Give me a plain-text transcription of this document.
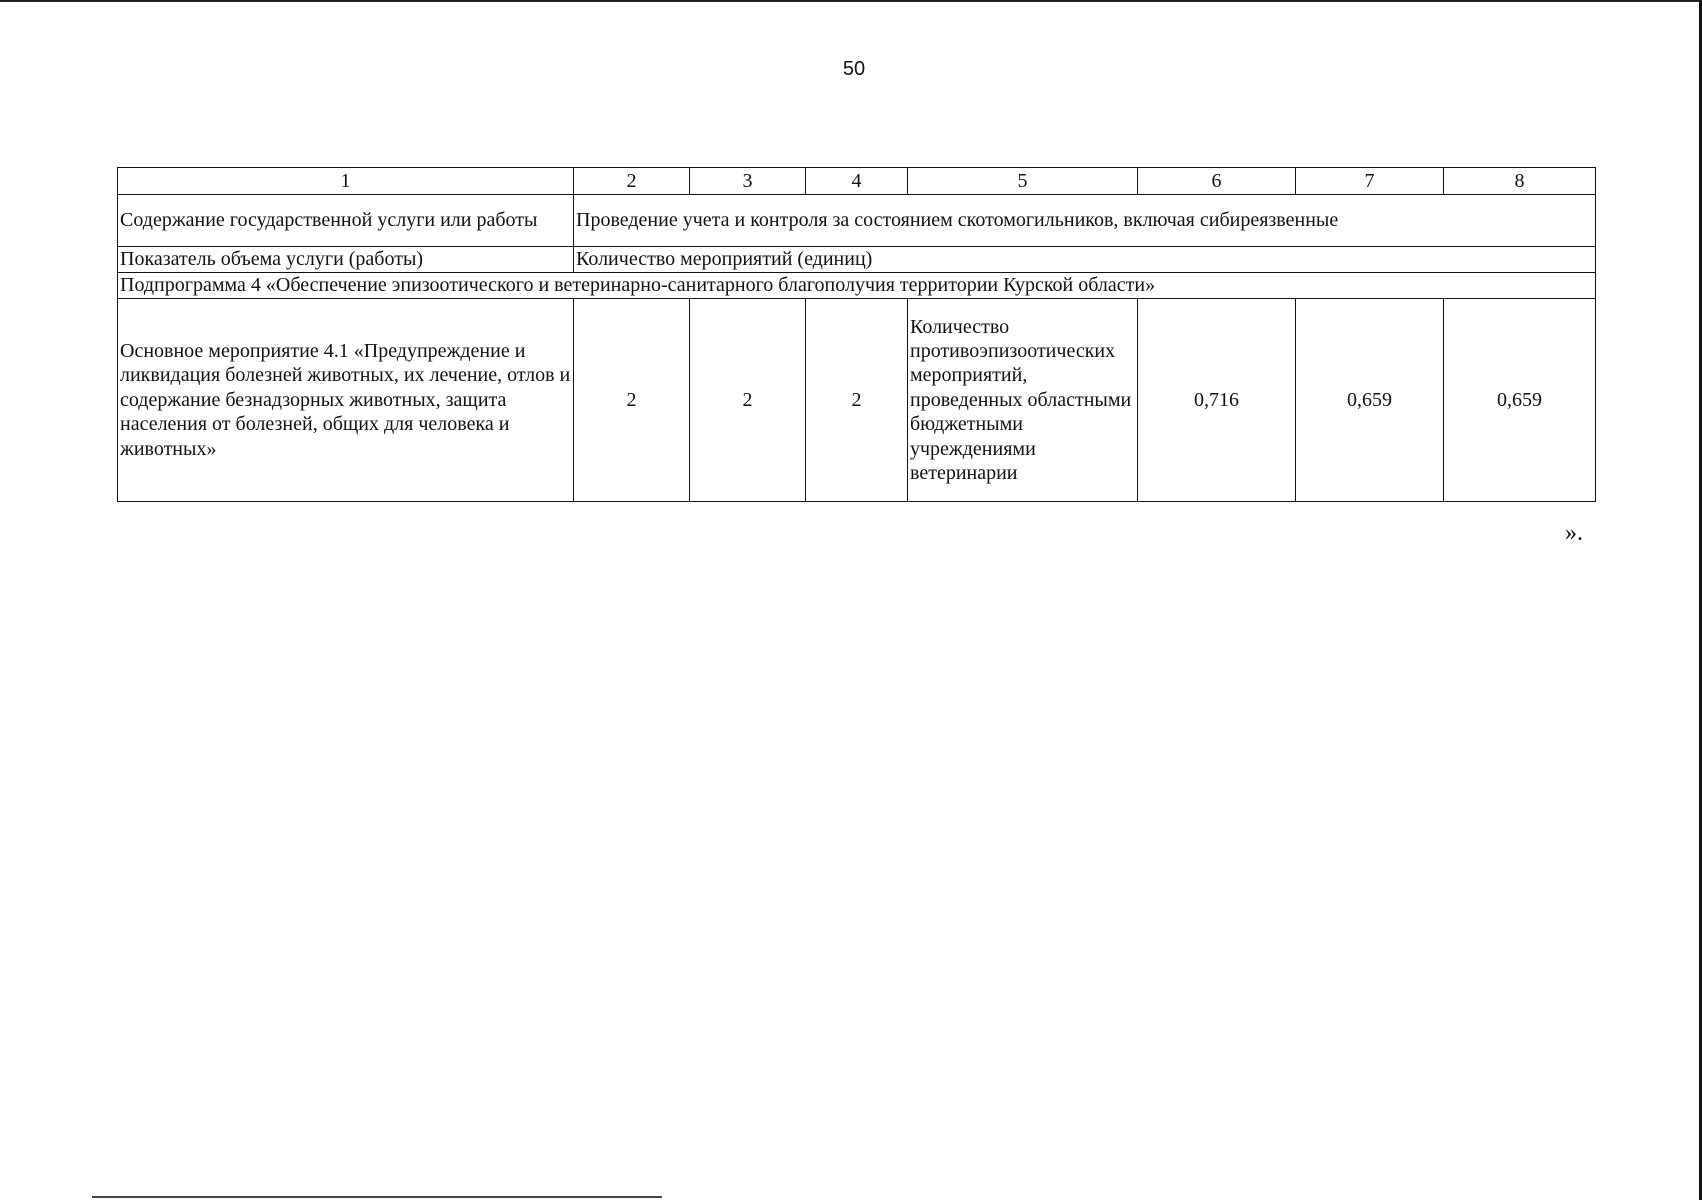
50
1	2	3	4	5	6	7	8
Содержание государственной услуги или работы	Проведение учета и контроля за состоянием скотомогильников, включая сибиреязвенные						
Показатель объема услуги (работы)	Количество мероприятий (единиц)						
Подпрограмма 4 «Обеспечение эпизоотического и ветеринарно-санитарного благополучия территории Курской области»							
Основное мероприятие 4.1 «Предупреждение и ликвидация болезней животных, их лечение, отлов и содержание безнадзорных животных, защита населения от болезней, общих для человека и животных»	2	2	2	Количество противоэпизоотических мероприятий, проведенных областными бюджетными учреждениями ветеринарии	0,716	0,659	0,659
».
